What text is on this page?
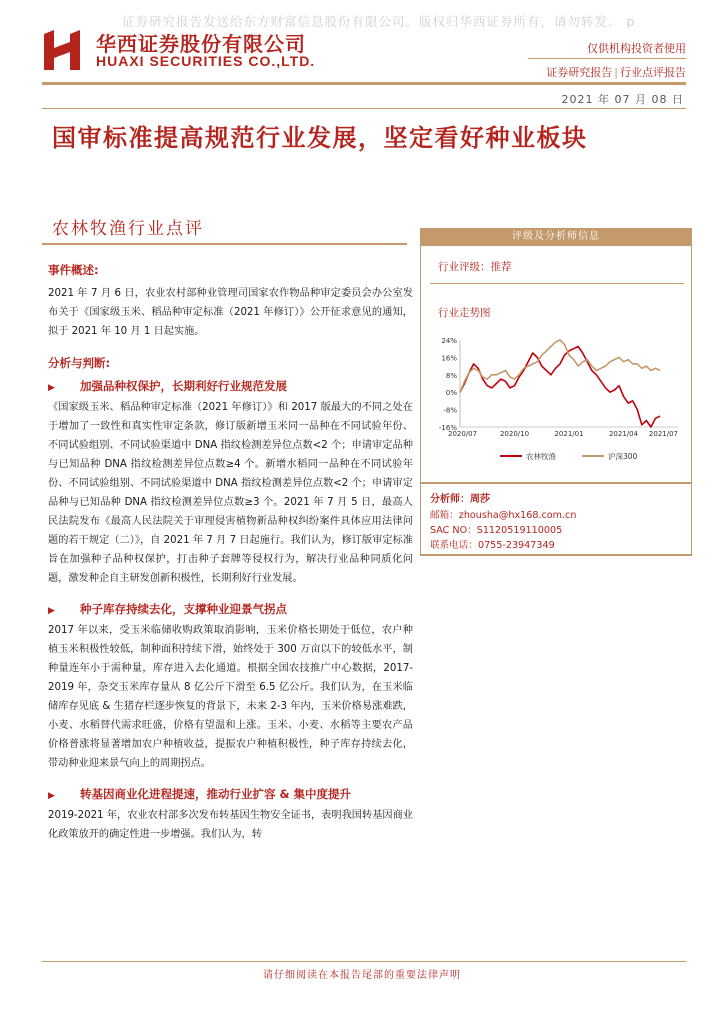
证券研究报告发送给东方财富信息股份有限公司。版权归华西证券所有，请勿转发。 p
华西证券股份有限公司
HUAXI SECURITIES CO.,LTD.
仅供机构投资者使用
证券研究报告 | 行业点评报告
2021 年 07 月 08 日
国审标准提高规范行业发展，坚定看好种业板块
农林牧渔行业点评
事件概述:

2021 年 7 月 6 日，农业农村部种业管理司国家农作物品种审定委员会办公室发布关于《国家级玉米、稻品种审定标准（2021 年修订）》公开征求意见的通知，拟于 2021 年 10 月 1 日起实施。

分析与判断:
▶ 加强品种权保护，长期利好行业规范发展

《国家级玉米、稻品种审定标准（2021 年修订）》和 2017 版最大的不同之处在于增加了一致性和真实性审定条款，修订版新增玉米同一品种在不同试验年份、不同试验组别、不同试验渠道中 DNA 指纹检测差异位点数<2 个；申请审定品种与已知品种 DNA 指纹检测差异位点数≥4 个。新增水稻同一品种在不同试验年份、不同试验组别、不同试验渠道中 DNA 指纹检测差异位点数<2 个；申请审定品种与已知品种 DNA 指纹检测差异位点数≥3 个。2021 年 7 月 5 日，最高人民法院发布《最高人民法院关于审理侵害植物新品种权纠纷案件具体应用法律问题的若干规定（二）》，自 2021 年 7 月 7 日起施行。我们认为，修订版审定标准旨在加强种子品种权保护，打击种子套牌等侵权行为，解决行业品种同质化问题，激发种企自主研发创新积极性，长期利好行业发展。

▶ 种子库存持续去化，支撑种业迎景气拐点

2017 年以来，受玉米临储收购政策取消影响，玉米价格长期处于低位，农户种植玉米积极性较低，制种面积持续下滑，始终处于 300 万亩以下的较低水平，制种量连年小于需种量，库存进入去化通道。根据全国农技推广中心数据，2017-2019 年，杂交玉米库存量从 8 亿公斤下滑至 6.5 亿公斤。我们认为，在玉米临储库存见底 & 生猪存栏逐步恢复的背景下，未来 2-3 年内，玉米价格易涨难跌，小麦、水稻替代需求旺盛，价格有望温和上涨。玉米、小麦、水稻等主要农产品价格普涨将显著增加农户种植收益，提振农户种植积极性，种子库存持续去化，带动种业迎来景气向上的周期拐点。

▶ 转基因商业化进程提速，推动行业扩容 & 集中度提升

2019-2021 年，农业农村部多次发布转基因生物安全证书，表明我国转基因商业化政策放开的确定性进一步增强。我们认为，转

评级及分析师信息
行业评级：推荐
行业走势图
24%
16%
8%
0%
-8%
-16%
2020/07	2020/10	2021/01	2021/04 2021/07
农林牧渔	沪深300
分析师：周莎
邮箱：zhousha@hx168.com.cn
SAC NO：S1120519110005
联系电话：0755-23947349
请仔细阅读在本报告尾部的重要法律声明
